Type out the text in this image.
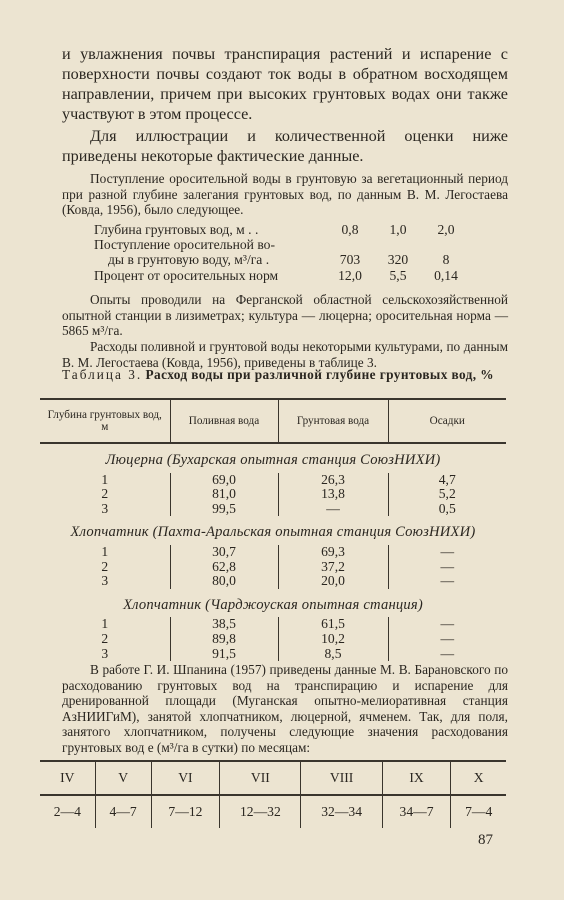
и увлажнения почвы транспирация растений и испарение с поверхности почвы создают ток воды в обратном восходящем направлении, причем при высоких грунтовых водах они также участвуют в этом процессе.

Для иллюстрации и количественной оценки ниже приведены некоторые фактические данные.

Поступление оросительной воды в грунтовую за вегетационный период при разной глубине залегания грунтовых вод, по данным В. М. Легостаева (Ковда, 1956), было следующее.

Глубина грунтовых вод, м . .	0,8	1,0	2,0
Поступление оросительной во-
ды в грунтовую воду, м³/га .	703	320	8
Процент от оросительных норм	12,0	5,5	0,14

Опыты проводили на Ферганской областной сельскохозяйственной опытной станции в лизиметрах; культура — люцерна; оросительная норма — 5865 м³/га.

Расходы поливной и грунтовой воды некоторыми культурами, по данным В. М. Легостаева (Ковда, 1956), приведены в таблице 3.

Таблица 3. Расход воды при различной глубине грунтовых вод, %
Глубина грунтовых вод, м	Поливная вода	Грунтовая вода	Осадки
Люцерна (Бухарская опытная станция СоюзНИХИ)			
1	69,0	26,3	4,7
2	81,0	13,8	5,2
3	99,5	—	0,5
Хлопчатник (Пахта-Аральская опытная станция СоюзНИХИ)			
1	30,7	69,3	—
2	62,8	37,2	—
3	80,0	20,0	—
Хлопчатник (Чарджоуская опытная станция)			
1	38,5	61,5	—
2	89,8	10,2	—
3	91,5	8,5	—

В работе Г. И. Шпанина (1957) приведены данные М. В. Барановского по расходованию грунтовых вод на транспирацию и испарение для дренированной площади (Муганская опытно-мелиоративная станция АзНИИГиМ), занятой хлопчатником, люцерной, ячменем. Так, для поля, занятого хлопчатником, получены следующие значения расходования грунтовых вод е (м³/га в сутки) по месяцам:

IV	V	VI	VII	VIII	IX	X
2—4	4—7	7—12	12—32	32—34	34—7	7—4
87
